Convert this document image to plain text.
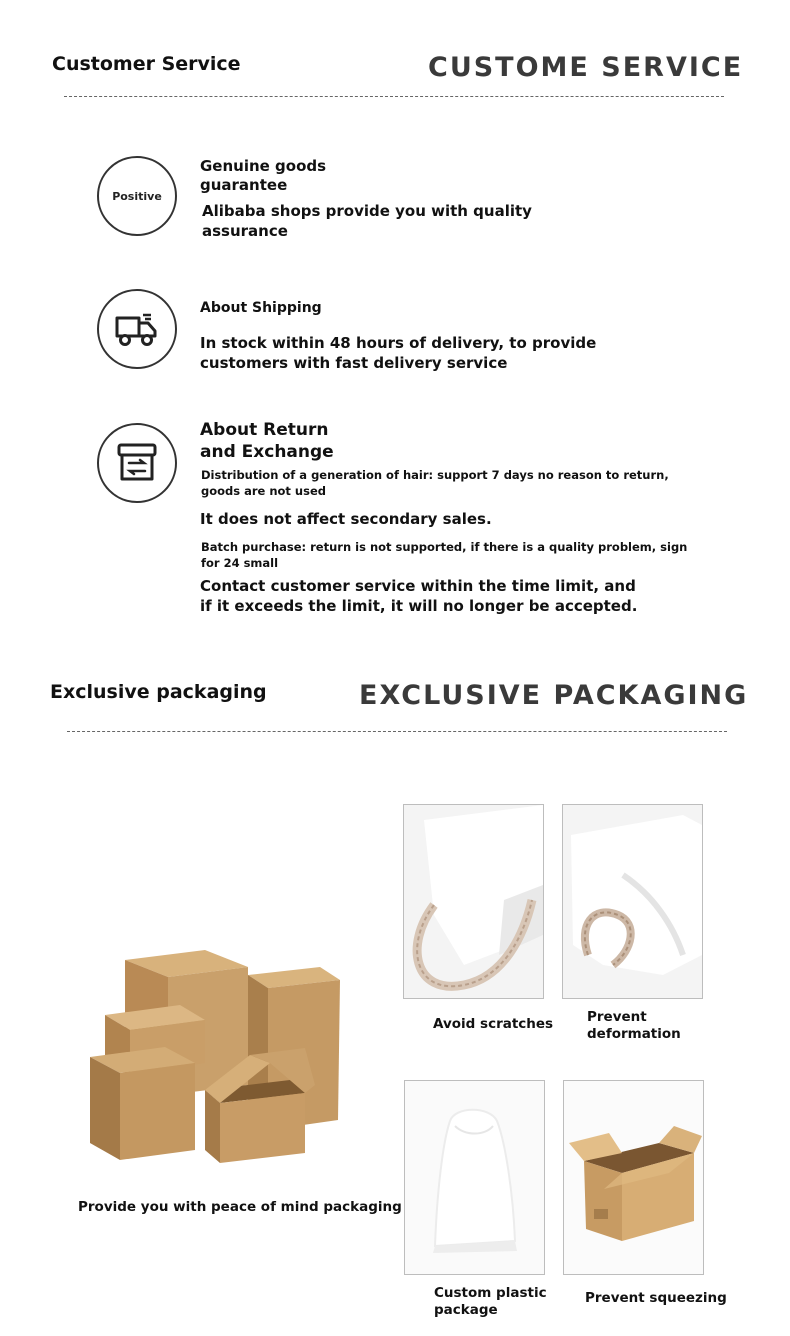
Customer Service	CUSTOME SERVICE
Positive
Genuine goods
guarantee
Alibaba shops provide you with quality
assurance
About Shipping
In stock within 48 hours of delivery, to provide
customers with fast delivery service
About Return
and Exchange
Distribution of a generation of hair: support 7 days no reason to return,
goods are not used
It does not affect secondary sales.
Batch purchase: return is not supported, if there is a quality problem, sign
for 24 small
Contact customer service within the time limit, and
if it exceeds the limit, it will no longer be accepted.
Exclusive packaging	EXCLUSIVE PACKAGING
Provide you with peace of mind packaging
Avoid scratches	Prevent
deformation
Custom plastic
package
Prevent squeezing
